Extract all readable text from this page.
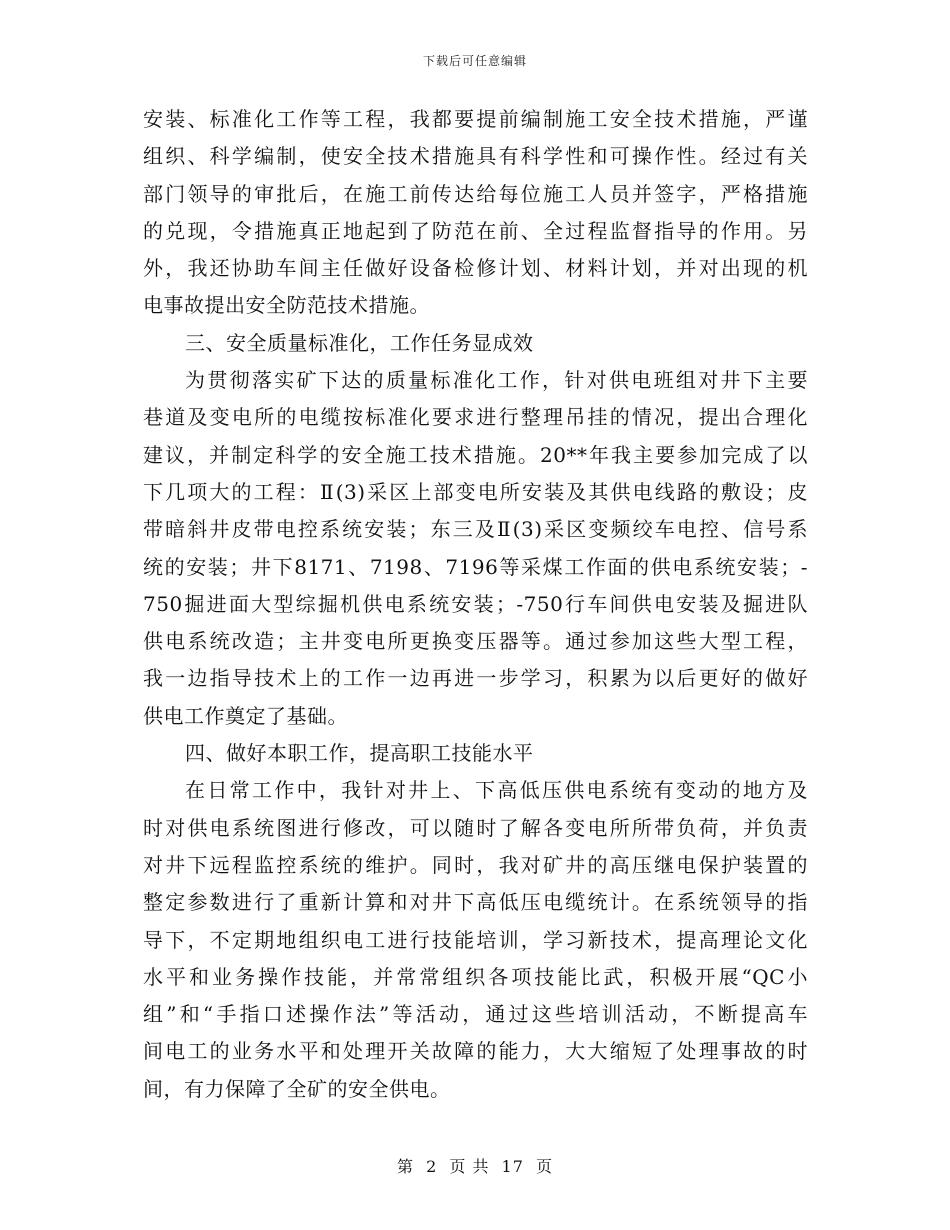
下载后可任意编辑
安装、标准化工作等工程，我都要提前编制施工安全技术措施，严谨
组织、科学编制，使安全技术措施具有科学性和可操作性。经过有关
部门领导的审批后，在施工前传达给每位施工人员并签字，严格措施
的兑现，令措施真正地起到了防范在前、全过程监督指导的作用。另
外，我还协助车间主任做好设备检修计划、材料计划，并对出现的机
电事故提出安全防范技术措施。
三、安全质量标准化，工作任务显成效
为贯彻落实矿下达的质量标准化工作，针对供电班组对井下主要
巷道及变电所的电缆按标准化要求进行整理吊挂的情况，提出合理化
建议，并制定科学的安全施工技术措施。20**年我主要参加完成了以
下几项大的工程：Ⅱ(3)采区上部变电所安装及其供电线路的敷设；皮
带暗斜井皮带电控系统安装；东三及Ⅱ(3)采区变频绞车电控、信号系
统的安装；井下8171、7198、7196等采煤工作面的供电系统安装；-
750掘进面大型综掘机供电系统安装；-750行车间供电安装及掘进队
供电系统改造；主井变电所更换变压器等。通过参加这些大型工程，
我一边指导技术上的工作一边再进一步学习，积累为以后更好的做好
供电工作奠定了基础。
四、做好本职工作，提高职工技能水平
在日常工作中，我针对井上、下高低压供电系统有变动的地方及
时对供电系统图进行修改，可以随时了解各变电所所带负荷，并负责
对井下远程监控系统的维护。同时，我对矿井的高压继电保护装置的
整定参数进行了重新计算和对井下高低压电缆统计。在系统领导的指
导下，不定期地组织电工进行技能培训，学习新技术，提高理论文化
水平和业务操作技能，并常常组织各项技能比武，积极开展“QC小
组”和“手指口述操作法”等活动，通过这些培训活动，不断提高车
间电工的业务水平和处理开关故障的能力，大大缩短了处理事故的时
间，有力保障了全矿的安全供电。
第 2 页 共 17 页
